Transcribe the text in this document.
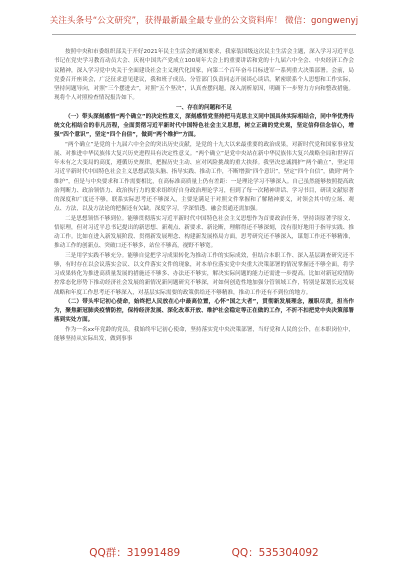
关注头条号“公文研究”，获得最新最全最专业的公文资料库！ 微信：gongwenyj

按照中央和市委组织部关于开好2021年民主生活会的通知要求，我家装国级这次民主生活会主题，深入学习习近平总书记在党史学习教育动员大会、庆祝中国共产党成立100周年大会上的重要讲话和党的十九届六中全会、中央经济工作会议精神，深入学习党中央关于全面建设社会主义现代化国家，向第二个百年奋斗目标进军一系列重大决策部署。会前，局党委召开座谈会，广泛征求意见建议，我和班子成员、分管部门负责同志开展谈心谈话，紧密联系个人思想和工作实际，坚持问题导向，对照“三个摆进去”，对照“五个坚决”，认真查摆问题，深入剖析原因，明确下一步努力方向和整改措施。现将个人对照检查情况报告如下。

一、存在的问题和不足

（一）带头深刻感悟“两个确立”的决定性意义，深刻感悟党坚持把马克思主义同中国具体实际相结合，同中华优秀传统文化相结合的非凡历程，全面贯彻习近平新时代中国特色社会主义思想，树立正确的党史观，坚定信仰信念信心，增强“四个意识”，坚定“四个自信”，做到“两个维护”方面。

“两个确立”是党的十九届六中全会的突出历史贡献，是党的十九大以来最重要的政治成果，对新时代党和国家事业发展、对推进中华民族伟大复兴历史进程具有决定性意义。“两个确立”是党中央站在新中华民族伟大复兴战略全局和世界百年未有之大变局的高度，遵循历史规律，把握历史主动、应对风险挑战的重大抉择。我坚决忠诚拥护“两个确立”，坚定用习近平新时代中国特色社会主义思想武装头脑、指导实践、推动工作，不断增强“四个意识”，坚定“四个自信”，做到“两个维护”，但是与中央要求和工作需要相比，在高标准高质量上仍有差距：一是理论学习不够深入。自己虽然能够按照提高政治判断力、政治领悟力、政治执行力的要求组织好自身政治理论学习，但到了每一次精神讲话、学习书目，研读文献原著的深度和广度还不够，联系实际思考还不够深入，主要是满足于对照文件掌握和了解精神要义，对领会其中的立场、观点、方法，以及方法论的把握还有欠缺。深度学习，学深悟透、融会贯通还需加强。

二是思想领悟不够到位。能够贯彻落实习近平新时代中国特色社会主义思想作为首要政治任务，坚持读原著学原文、悟原理，但对习近平总书记提出的新思想、新观点、新要求、新论断，理解得还不够深刻，没有很好地用于指导实践、推动工作。比如在进入新发展阶段、贯彻新发展理念、构建新发展格局方面，思考研究还不够深入，谋划工作还不够精准，推动工作的创新点、突破口还不够多，站位不够高，视野不够宽。

三是用学实践不够充分。能够自觉把学习成果转化为推动工作的实际成效，但结合本职工作、深入基层调查研究还不够，有时存在以会议落实会议、以文件落实文件的现象，对本单位落实党中央重大决策部署的情况掌握还不够全面，将学习成果转化为推进高质量发展的措施还不够多、办法还不够实，解决实际问题的能力还需进一步提高。比如对新冠疫情防控常态化形势下推动经济社会发展的新情况新问题研究不够深，对如何创造性地加强分管领域工作，特别是谋划长远发展战略和年度工作思考还不够深入，对基层实际需要的政策供给还不够精准，推动工作还有不到位的地方。

（二）带头牢记初心使命，始终把人民放在心中最高位置，心怀“国之大者”，贯彻新发展理念，履职尽责，担当作为，聚焦新冠肺炎疫情防控，保持经济发展、深化改革开放、维护社会稳定等正在做的工作，不折不扣把党中央决策部署落到实处方面。

作为一名xx年党龄的党员，我始终牢记初心使命，坚持落实党中央决策部署，当好党和人民的公仆，在本职岗位中，能够坚持从实际出发，做到事事

QQ群：31991489	QQ：535304092
